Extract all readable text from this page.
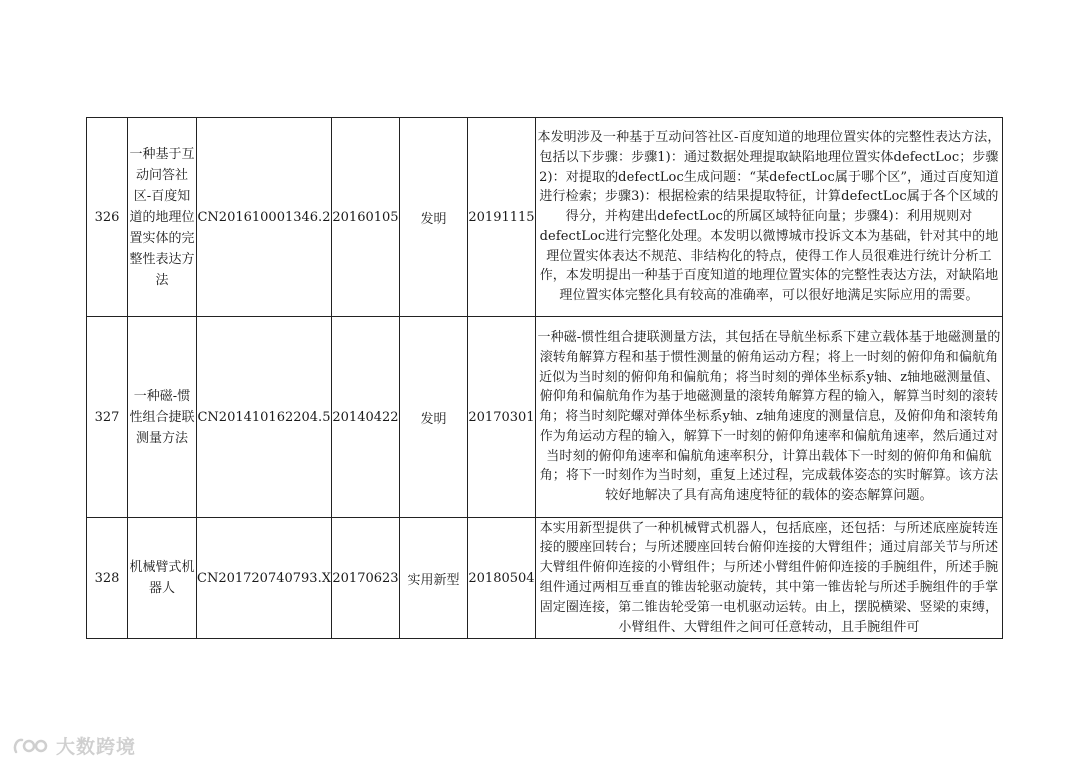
326	一种基于互动问答社区-百度知道的地理位置实体的完整性表达方法	CN201610001346.2	20160105	发明	20191115	本发明涉及一种基于互动问答社区-百度知道的地理位置实体的完整性表达方法，包括以下步骤：步骤1)：通过数据处理提取缺陷地理位置实体defectLoc；步骤2)：对提取的defectLoc生成问题：“某defectLoc属于哪个区”，通过百度知道进行检索；步骤3)：根据检索的结果提取特征，计算defectLoc属于各个区域的得分，并构建出defectLoc的所属区域特征向量；步骤4)：利用规则对defectLoc进行完整化处理。本发明以微博城市投诉文本为基础，针对其中的地理位置实体表达不规范、非结构化的特点，使得工作人员很难进行统计分析工作，本发明提出一种基于百度知道的地理位置实体的完整性表达方法，对缺陷地理位置实体完整化具有较高的准确率，可以很好地满足实际应用的需要。
327	一种磁-惯性组合捷联测量方法	CN201410162204.5	20140422	发明	20170301	一种磁-惯性组合捷联测量方法，其包括在导航坐标系下建立载体基于地磁测量的滚转角解算方程和基于惯性测量的俯角运动方程；将上一时刻的俯仰角和偏航角近似为当时刻的俯仰角和偏航角；将当时刻的弹体坐标系y轴、z轴地磁测量值、俯仰角和偏航角作为基于地磁测量的滚转角解算方程的输入，解算当时刻的滚转角；将当时刻陀螺对弹体坐标系y轴、z轴角速度的测量信息，及俯仰角和滚转角作为角运动方程的输入，解算下一时刻的俯仰角速率和偏航角速率，然后通过对当时刻的俯仰角速率和偏航角速率积分，计算出载体下一时刻的俯仰角和偏航角；将下一时刻作为当时刻，重复上述过程，完成载体姿态的实时解算。该方法较好地解决了具有高角速度特征的载体的姿态解算问题。
328	机械臂式机器人	CN201720740793.X	20170623	实用新型	20180504	本实用新型提供了一种机械臂式机器人，包括底座，还包括：与所述底座旋转连接的腰座回转台；与所述腰座回转台俯仰连接的大臂组件；通过肩部关节与所述大臂组件俯仰连接的小臂组件；与所述小臂组件俯仰连接的手腕组件，所述手腕组件通过两相互垂直的锥齿轮驱动旋转，其中第一锥齿轮与所述手腕组件的手掌固定圈连接，第二锥齿轮受第一电机驱动运转。由上，摆脱横梁、竖梁的束缚，小臂组件、大臂组件之间可任意转动，且手腕组件可
大数跨境
